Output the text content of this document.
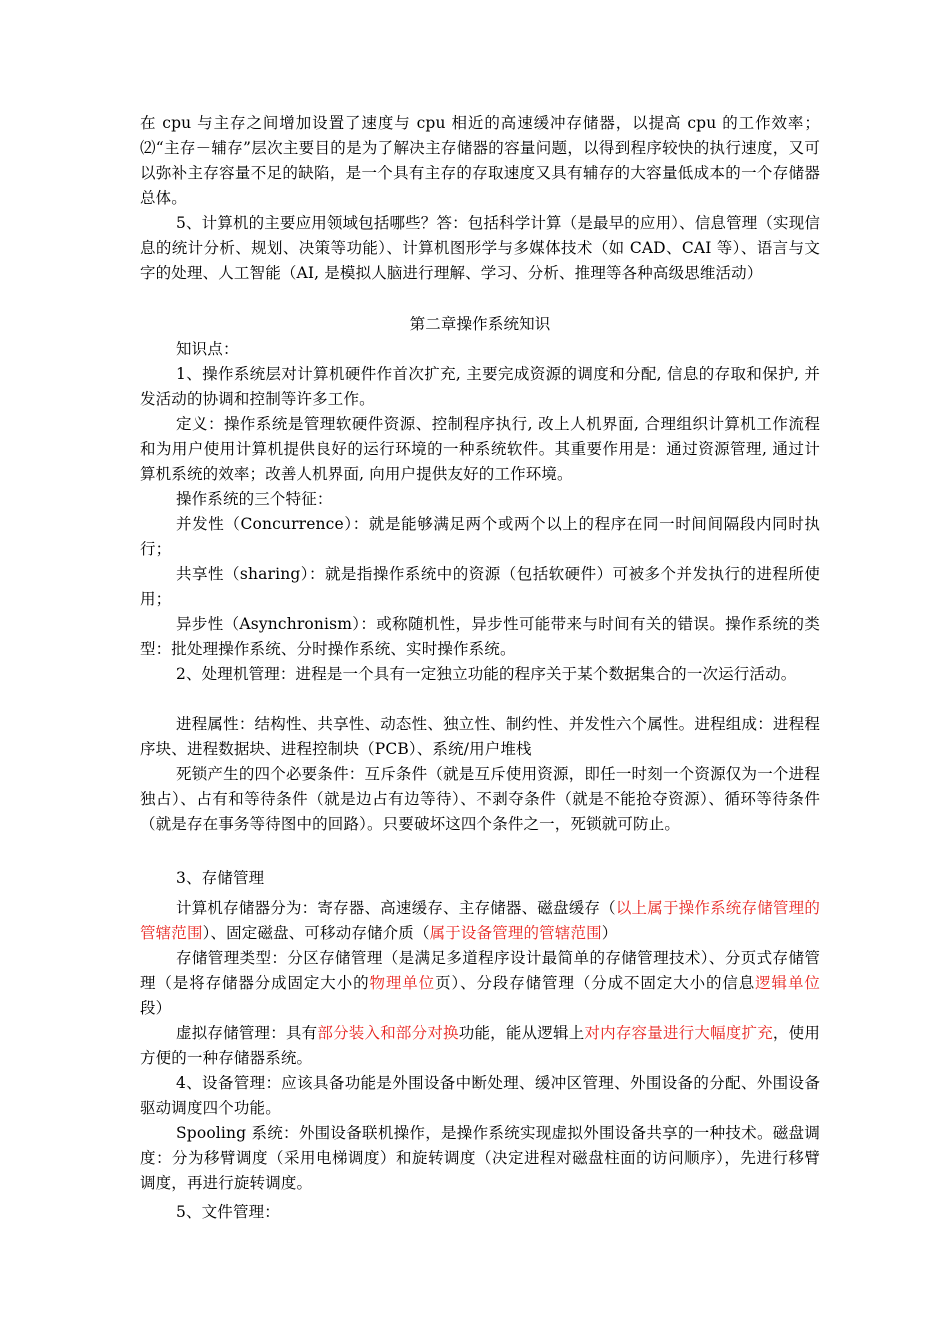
在 cpu 与主存之间增加设置了速度与 cpu 相近的高速缓冲存储器，以提高 cpu 的工作效率；⑵“主存－辅存”层次主要目的是为了解决主存储器的容量问题，以得到程序较快的执行速度，又可以弥补主存容量不足的缺陷，是一个具有主存的存取速度又具有辅存的大容量低成本的一个存储器总体。

5、计算机的主要应用领域包括哪些？答：包括科学计算（是最早的应用）、信息管理（实现信息的统计分析、规划、决策等功能）、计算机图形学与多媒体技术（如 CAD、CAI 等）、语言与文字的处理、人工智能（AI, 是模拟人脑进行理解、学习、分析、推理等各种高级思维活动）

第二章操作系统知识

知识点：

1、操作系统层对计算机硬件作首次扩充, 主要完成资源的调度和分配, 信息的存取和保护, 并发活动的协调和控制等许多工作。

定义：操作系统是管理软硬件资源、控制程序执行, 改上人机界面, 合理组织计算机工作流程和为用户使用计算机提供良好的运行环境的一种系统软件。其重要作用是：通过资源管理, 通过计算机系统的效率；改善人机界面, 向用户提供友好的工作环境。

操作系统的三个特征：

并发性（Concurrence）：就是能够满足两个或两个以上的程序在同一时间间隔段内同时执行；

共享性（sharing）：就是指操作系统中的资源（包括软硬件）可被多个并发执行的进程所使用；

异步性（Asynchronism）：或称随机性，异步性可能带来与时间有关的错误。操作系统的类型：批处理操作系统、分时操作系统、实时操作系统。

2、处理机管理：进程是一个具有一定独立功能的程序关于某个数据集合的一次运行活动。

进程属性：结构性、共享性、动态性、独立性、制约性、并发性六个属性。进程组成：进程程序块、进程数据块、进程控制块（PCB）、系统/用户堆栈

死锁产生的四个必要条件：互斥条件（就是互斥使用资源，即任一时刻一个资源仅为一个进程独占）、占有和等待条件（就是边占有边等待）、不剥夺条件（就是不能抢夺资源）、循环等待条件（就是存在事务等待图中的回路）。只要破坏这四个条件之一，死锁就可防止。

3、存储管理

计算机存储器分为：寄存器、高速缓存、主存储器、磁盘缓存（以上属于操作系统存储管理的管辖范围）、固定磁盘、可移动存储介质（属于设备管理的管辖范围）

存储管理类型：分区存储管理（是满足多道程序设计最简单的存储管理技术）、分页式存储管理（是将存储器分成固定大小的物理单位页）、分段存储管理（分成不固定大小的信息逻辑单位段）

虚拟存储管理：具有部分装入和部分对换功能，能从逻辑上对内存容量进行大幅度扩充，使用方便的一种存储器系统。

4、设备管理：应该具备功能是外围设备中断处理、缓冲区管理、外围设备的分配、外围设备驱动调度四个功能。

Spooling 系统：外围设备联机操作，是操作系统实现虚拟外围设备共享的一种技术。磁盘调度：分为移臂调度（采用电梯调度）和旋转调度（决定进程对磁盘柱面的访问顺序），先进行移臂调度，再进行旋转调度。

5、文件管理：
